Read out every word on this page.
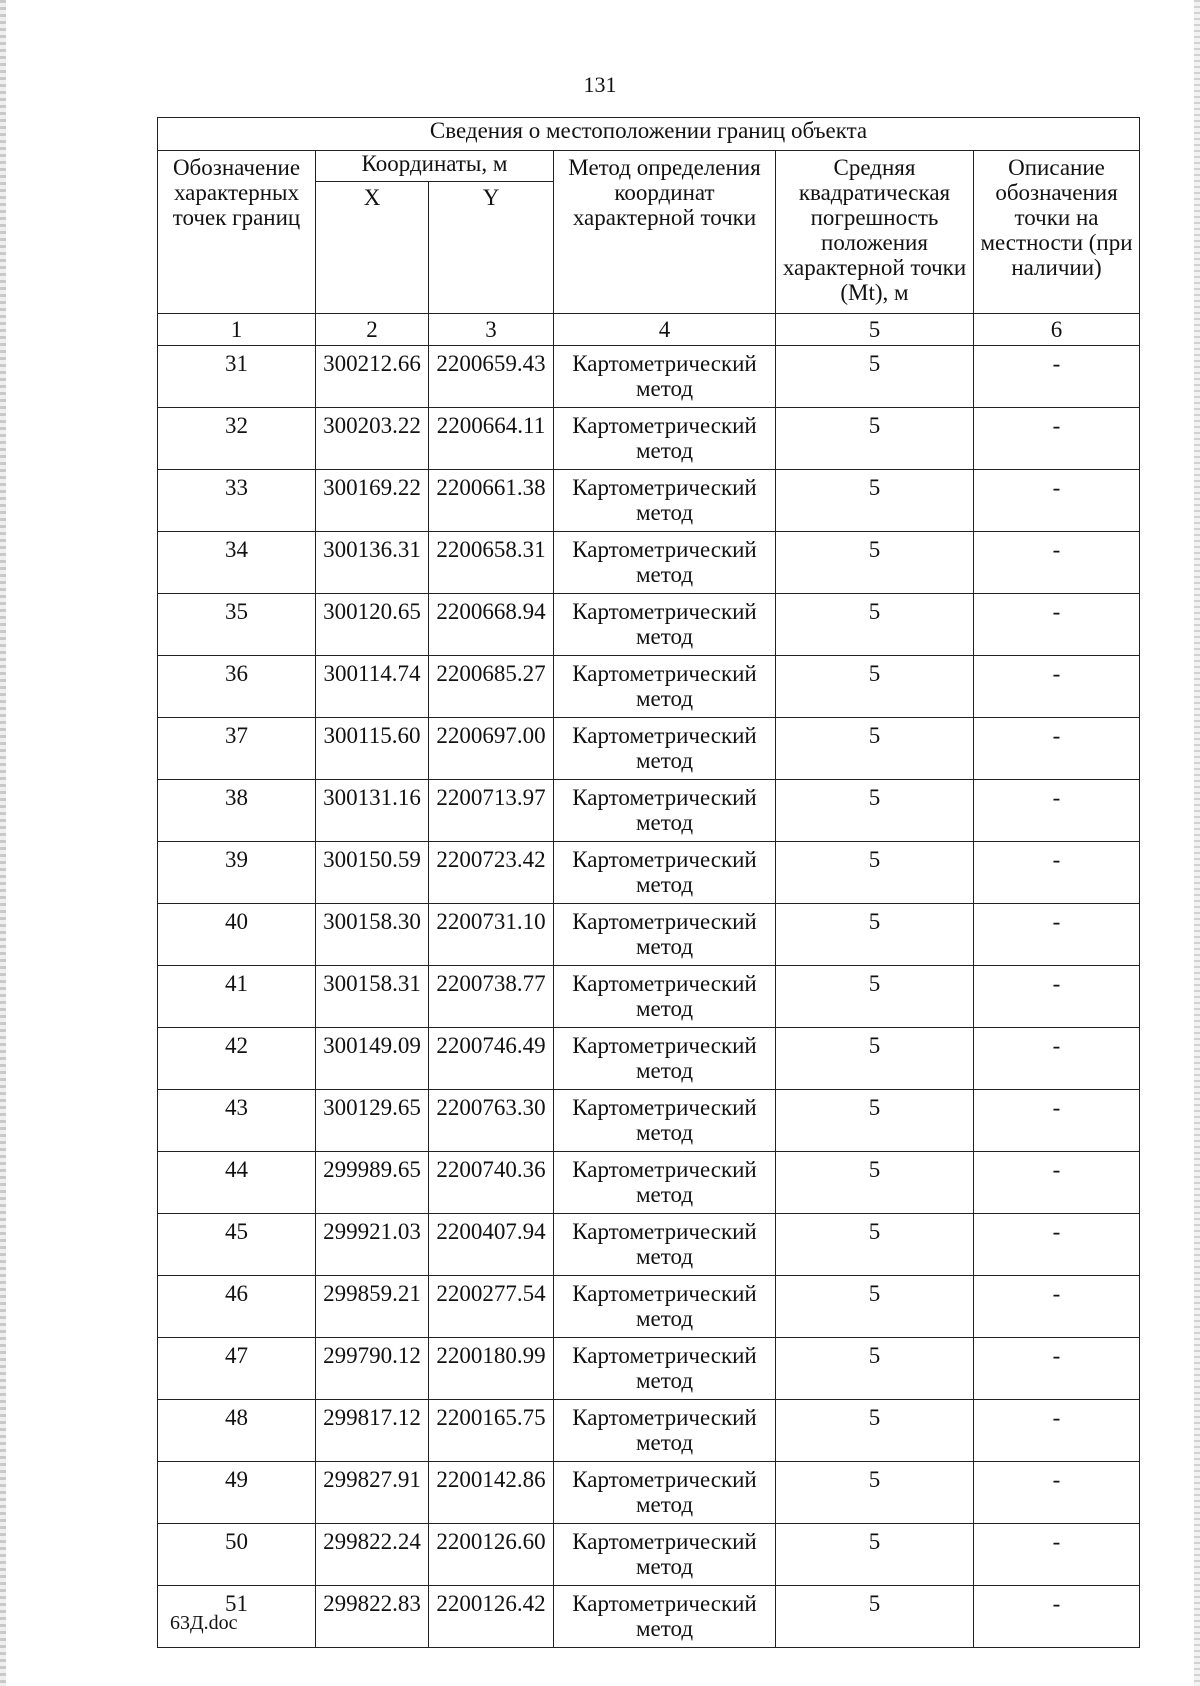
131
Сведения о местоположении границ объекта					
Обозначение характерных точек границ	Координаты, м		Метод определения координат характерной точки	Средняя квадратическая погрешность положения характерной точки (Mt), м	Описание обозначения точки на местности (при наличии)
	X	Y			
1	2	3	4	5	6
31	300212.66	2200659.43	Картометрический метод	5	-
32	300203.22	2200664.11	Картометрический метод	5	-
33	300169.22	2200661.38	Картометрический метод	5	-
34	300136.31	2200658.31	Картометрический метод	5	-
35	300120.65	2200668.94	Картометрический метод	5	-
36	300114.74	2200685.27	Картометрический метод	5	-
37	300115.60	2200697.00	Картометрический метод	5	-
38	300131.16	2200713.97	Картометрический метод	5	-
39	300150.59	2200723.42	Картометрический метод	5	-
40	300158.30	2200731.10	Картометрический метод	5	-
41	300158.31	2200738.77	Картометрический метод	5	-
42	300149.09	2200746.49	Картометрический метод	5	-
43	300129.65	2200763.30	Картометрический метод	5	-
44	299989.65	2200740.36	Картометрический метод	5	-
45	299921.03	2200407.94	Картометрический метод	5	-
46	299859.21	2200277.54	Картометрический метод	5	-
47	299790.12	2200180.99	Картометрический метод	5	-
48	299817.12	2200165.75	Картометрический метод	5	-
49	299827.91	2200142.86	Картометрический метод	5	-
50	299822.24	2200126.60	Картометрический метод	5	-
51	299822.83	2200126.42	Картометрический метод	5	-
63Д.doc
